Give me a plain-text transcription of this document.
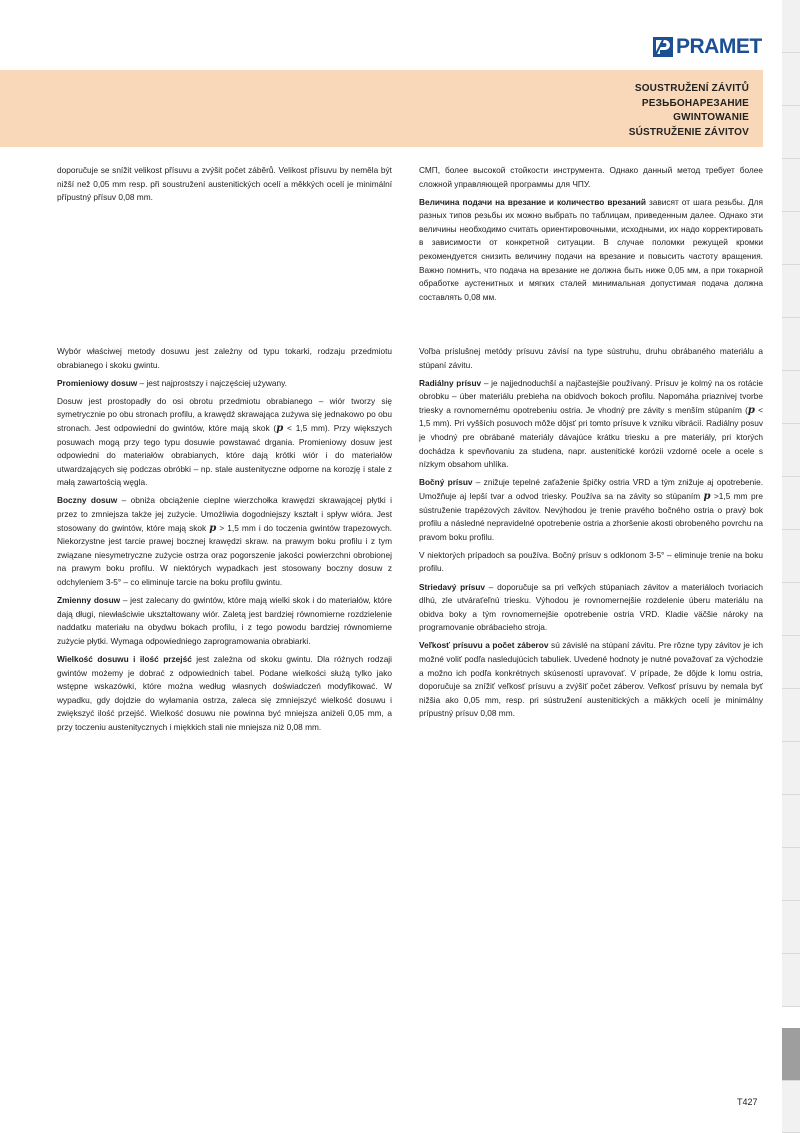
PRAMET
SOUSTRUŽENÍ ZÁVITŮ
РЕЗЬБОНАРЕЗАНИЕ
GWINTOWANIE
SÚSTRUŽENIE ZÁVITOV

doporučuje se snížit velikost přísuvu a zvýšit počet záběrů. Velikost přísuvu by neměla být nižší než 0,05 mm resp. při soustružení austenitických ocelí a měkkých ocelí je minimální přípustný přísuv 0,08 mm.

СМП, более высокой стойкости инструмента. Однако данный метод требует более сложной управляющей программы для ЧПУ.

Величина подачи на врезание и количество врезаний зависят от шага резьбы. Для разных типов резьбы их можно выбрать по таблицам, приведенным далее. Однако эти величины необходимо считать ориентировочными, исходными, их надо корректировать в зависимости от конкретной ситуации. В случае поломки режущей кромки рекомендуется снизить величину подачи на врезание и повысить частоту вращения. Важно помнить, что подача на врезание не должна быть ниже 0,05 мм, а при токарной обработке аустенитных и мягких сталей минимальная допустимая подача должна составлять 0,08 мм.

Wybór właściwej metody dosuwu jest zależny od typu tokarki, rodzaju przedmiotu obrabianego i skoku gwintu.

Promieniowy dosuw – jest najprostszy i najczęściej używany.

Dosuw jest prostopadły do osi obrotu przedmiotu obrabianego – wiór tworzy się symetrycznie po obu stronach profilu, a krawędź skrawająca zużywa się jednakowo po obu stronach. Jest odpowiedni do gwintów, które mają skok (p < 1,5 mm). Przy większych posuwach mogą przy tego typu dosuwie powstawać drgania. Promieniowy dosuw jest odpowiedni do materiałów obrabianych, które dają krótki wiór i do materiałów utwardzających się podczas obróbki – np. stale austenityczne odporne na korozję i stale z małą zawartością węgla.

Boczny dosuw – obniża obciążenie cieplne wierzchołka krawędzi skrawającej płytki i przez to zmniejsza także jej zużycie. Umożliwia dogodniejszy kształt i spływ wióra. Jest stosowany do gwintów, które mają skok p > 1,5 mm i do toczenia gwintów trapezowych. Niekorzystne jest tarcie prawej bocznej krawędzi skraw. na prawym boku profilu i z tym związane niesymetryczne zużycie ostrza oraz pogorszenie jakości powierzchni obrobionej na prawym boku profilu. W niektórych wypadkach jest stosowany boczny dosuw z odchyleniem 3-5° – co eliminuje tarcie na boku profilu gwintu.

Zmienny dosuw – jest zalecany do gwintów, które mają wielki skok i do materiałów, które dają długi, niewłaściwie ukształtowany wiór. Zaletą jest bardziej równomierne rozdzielenie naddatku materiału na obydwu bokach profilu, i z tego powodu bardziej równomierne zużycie płytki. Wymaga odpowiedniego zaprogramowania obrabiarki.

Wielkość dosuwu i ilość przejść jest zależna od skoku gwintu. Dla różnych rodzaji gwintów możemy je dobrać z odpowiednich tabel. Podane wielkości służą tylko jako wstępne wskazówki, które można według własnych doświadczeń modyfikować. W wypadku, gdy dojdzie do wyłamania ostrza, zaleca się zmniejszyć wielkość dosuwu i zwiększyć ilość przejść. Wielkość dosuwu nie powinna być mniejsza aniżeli 0,05 mm, a przy toczeniu austenitycznych i miękkich stali nie mniejsza niż 0,08 mm.

Voľba príslušnej metódy prísuvu závisí na type sústruhu, druhu obrábaného materiálu a stúpaní závitu.

Radiálny prísuv – je najjednoduchší a najčastejšie používaný. Prísuv je kolmý na os rotácie obrobku – úber materiálu prebieha na obidvoch bokoch profilu. Napomáha priaznivej tvorbe triesky a rovnomernému opotrebeniu ostria. Je vhodný pre závity s menším stúpaním (p < 1,5 mm). Pri vyšších posuvoch môže dôjsť pri tomto prísuve k vzniku vibrácií. Radiálny posuv je vhodný pre obrábané materiály dávajúce krátku triesku a pre materiály, pri ktorých dochádza k spevňovaniu za studena, napr. austenitické korózii vzdorné ocele a ocele s nízkym obsahom uhlíka.

Bočný prísuv – znižuje tepelné zaťaženie špičky ostria VRD a tým znižuje aj opotrebenie. Umožňuje aj lepší tvar a odvod triesky. Používa sa na závity so stúpaním p >1,5 mm pre sústruženie trapézových závitov. Nevýhodou je trenie pravého bočného ostria o pravý bok profilu a následné nepravidelné opotrebenie ostria a zhoršenie akosti obrobeného povrchu na pravom boku profilu.

V niektorých prípadoch sa používa. Bočný prísuv s odklonom 3-5° – eliminuje trenie na boku profilu.

Striedavý prísuv – doporučuje sa pri veľkých stúpaniach závitov a materiáloch tvoriacich dlhú, zle utváraťeľnú triesku. Výhodou je rovnomernejšie rozdelenie úberu materiálu na obidva boky a tým rovnomernejšie opotrebenie ostria VRD. Kladie väčšie nároky na programovanie obrábacieho stroja.

Veľkosť prísuvu a počet záberov sú závislé na stúpaní závitu. Pre rôzne typy závitov je ich možné voliť podľa nasledujúcich tabuliek. Uvedené hodnoty je nutné považovať za východzie a možno ich podľa konkrétnych skúseností upravovať. V prípade, že dôjde k lomu ostria, doporučuje sa znížiť veľkosť prísuvu a zvýšiť počet záberov. Veľkosť prísuvu by nemala byť nižšia ako 0,05 mm, resp. pri sústružení austenitických a mäkkých ocelí je minimálny prípustný prísuv 0,08 mm.

T427
